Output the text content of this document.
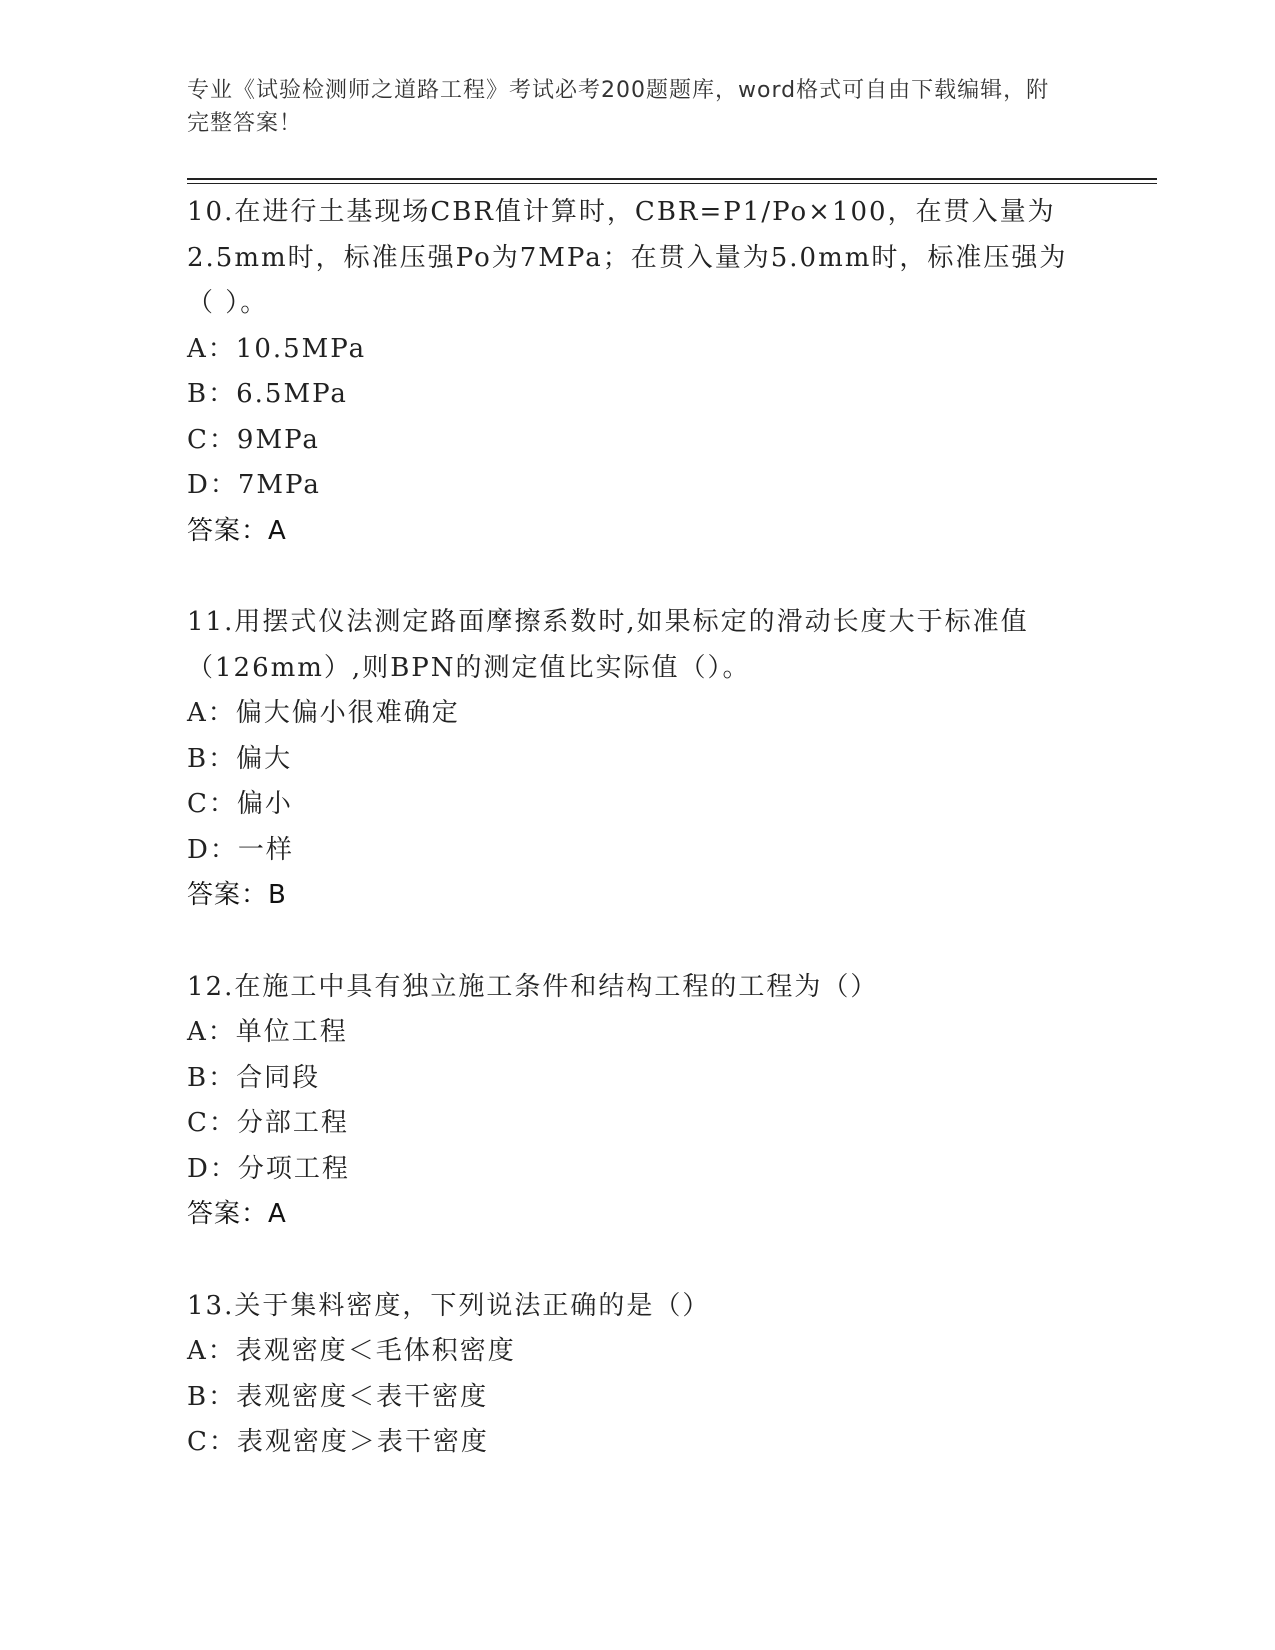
专业《试验检测师之道路工程》考试必考200题题库，word格式可自由下载编辑，附完整答案！
10.在进行土基现场CBR值计算时，CBR=P1/Po×100，在贯入量为2.5mm时，标准压强Po为7MPa；在贯入量为5.0mm时，标准压强为（ ）。
A：10.5MPa
B：6.5MPa
C：9MPa
D：7MPa
答案：A
11.用摆式仪法测定路面摩擦系数时,如果标定的滑动长度大于标准值（126mm）,则BPN的测定值比实际值（）。
A：偏大偏小很难确定
B：偏大
C：偏小
D：一样
答案：B
12.在施工中具有独立施工条件和结构工程的工程为（）
A：单位工程
B：合同段
C：分部工程
D：分项工程
答案：A
13.关于集料密度，下列说法正确的是（）
A：表观密度＜毛体积密度
B：表观密度＜表干密度
C：表观密度＞表干密度
